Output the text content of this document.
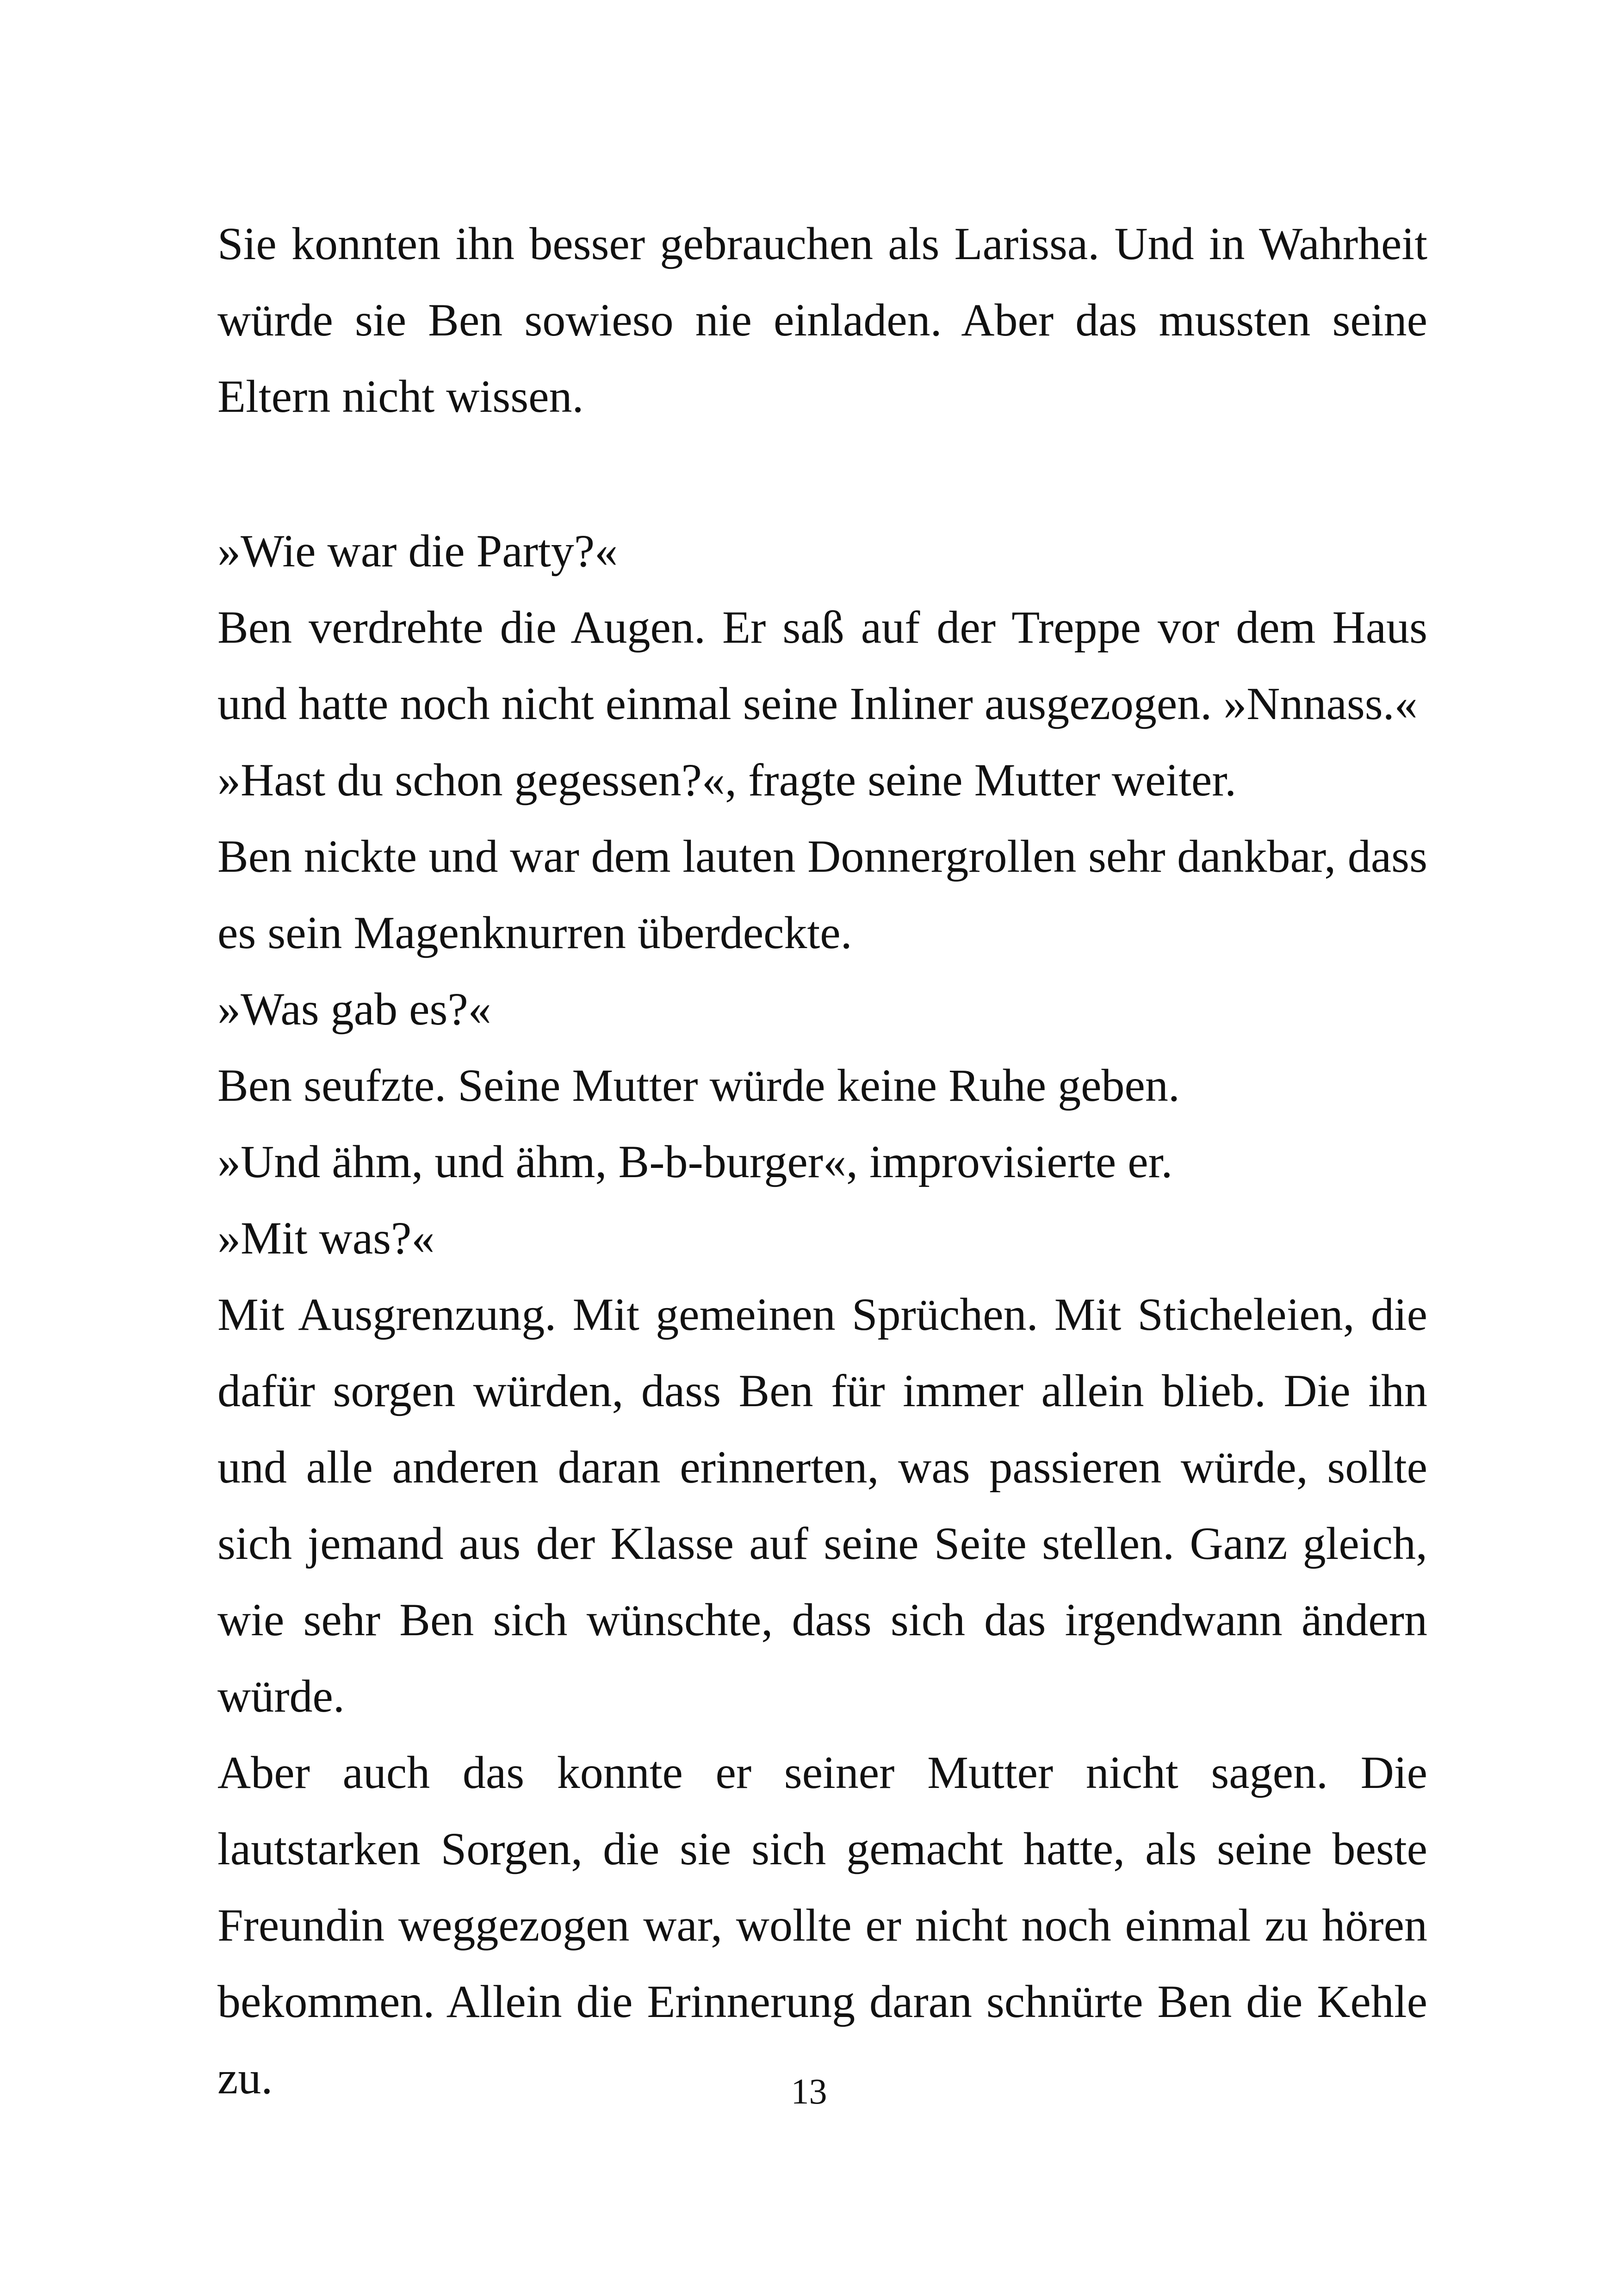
Sie konnten ihn besser gebrauchen als Larissa. Und in Wahrheit würde sie Ben sowieso nie einladen. Aber das mussten seine Eltern nicht wissen.

»Wie war die Party?«

Ben verdrehte die Augen. Er saß auf der Treppe vor dem Haus und hatte noch nicht einmal seine Inliner ausgezogen. »Nnnass.«

»Hast du schon gegessen?«, fragte seine Mutter weiter.

Ben nickte und war dem lauten Donnergrollen sehr dankbar, dass es sein Magenknurren überdeckte.

»Was gab es?«

Ben seufzte. Seine Mutter würde keine Ruhe geben.

»Und ähm, und ähm, B-b-burger«, improvisierte er.

»Mit was?«

Mit Ausgrenzung. Mit gemeinen Sprüchen. Mit Sticheleien, die dafür sorgen würden, dass Ben für immer allein blieb. Die ihn und alle anderen daran erinnerten, was passieren würde, sollte sich jemand aus der Klasse auf seine Seite stellen. Ganz gleich, wie sehr Ben sich wünschte, dass sich das irgendwann ändern würde.

Aber auch das konnte er seiner Mutter nicht sagen. Die lautstarken Sorgen, die sie sich gemacht hatte, als seine beste Freundin weggezogen war, wollte er nicht noch einmal zu hören bekommen. Allein die Erinnerung daran schnürte Ben die Kehle zu.	13
